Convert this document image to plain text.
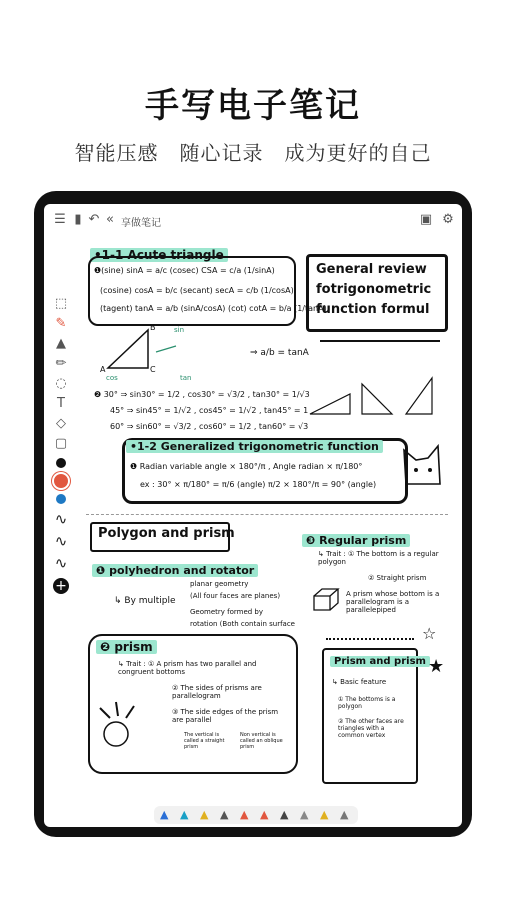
手写电子笔记
智能压感　随心记录　成为更好的自己
☰ ▮ ↶ « 享做笔记	▣ ⚙
⬚
✎
▲
✏
◌
T
◇
▢
∿
∿
∿
+
•1-1 Acute triangle
❶(sine) sinA = a/c (cosec) CSA = c/a (1/sinA)
(cosine) cosA = b/c (secant) secA = c/b (1/cosA)
(tagent) tanA = a/b (sinA/cosA) (cot) cotA = b/a (1/tanA)
General review fotrigonometric function formul
A	C
B	sin
cos	tan
⇒ a/b = tanA
❷ 30° ⇒ sin30° = 1/2 , cos30° = √3/2 , tan30° = 1/√3
45° ⇒ sin45° = 1/√2 , cos45° = 1/√2 , tan45° = 1
60° ⇒ sin60° = √3/2 , cos60° = 1/2 , tan60° = √3
•1-2 Generalized trigonometric function
❶ Radian variable angle × 180°/π , Angle radian × π/180°
ex : 30° × π/180° = π/6 (angle) π/2 × 180°/π = 90° (angle)
Polygon and prism
❶ polyhedron and rotator
↳ By multiple
planar geometry
(All four faces are planes)
Geometry formed by
rotation (Both contain surface
❸ Regular prism
↳ Trait : ① The bottom is a regular polygon
② Straight prism
A prism whose bottom is a parallelogram is a parallelepiped
❷ prism
↳ Trait : ① A prism has two parallel and congruent bottoms
② The sides of prisms are parallelogram
③ The side edges of the prism are parallel
The vertical is called a straight prism
Non vertical is called an oblique prism
Prism and prism
↳ Basic feature
① The bottoms is a polygon
② The other faces are triangles with a common vertex
☆
★
▲ ▲ ▲ ▲ ▲ ▲ ▲ ▲ ▲ ▲
